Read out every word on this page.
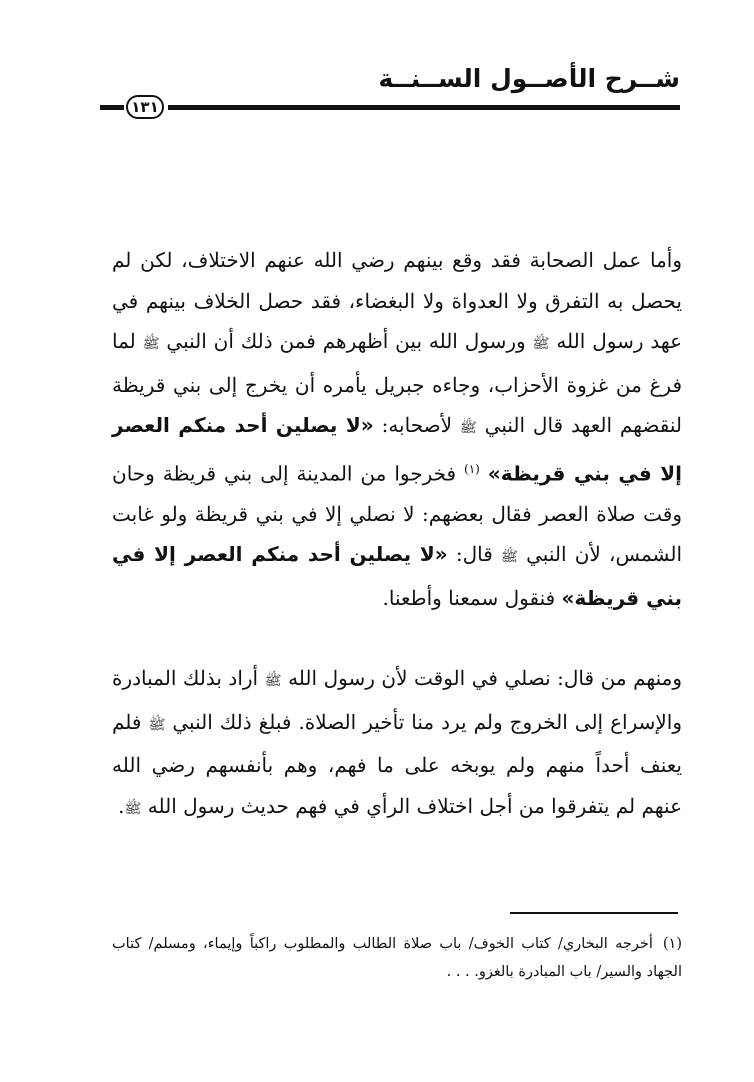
شــرح الأصــول الســنــة
١٣١

وأما عمل الصحابة فقد وقع بينهم رضي الله عنهم الاختلاف، لكن لم يحصل به التفرق ولا العدواة ولا البغضاء، فقد حصل الخلاف بينهم في عهد رسول الله ﷺ ورسول الله بين أظهرهم فمن ذلك أن النبي ﷺ لما فرغ من غزوة الأحزاب، وجاءه جبريل يأمره أن يخرج إلى بني قريظة لنقضهم العهد قال النبي ﷺ لأصحابه: «لا يصلين أحد منكم العصر إلا في بني قريظة» $^{(١)}$ فخرجوا من المدينة إلى بني قريظة وحان وقت صلاة العصر فقال بعضهم: لا نصلي إلا في بني قريظة ولو غابت الشمس، لأن النبي ﷺ قال: «لا يصلين أحد منكم العصر إلا في بني قريظة» فنقول سمعنا وأطعنا.

ومنهم من قال: نصلي في الوقت لأن رسول الله ﷺ أراد بذلك المبادرة والإسراع إلى الخروج ولم يرد منا تأخير الصلاة. فبلغ ذلك النبي ﷺ فلم يعنف أحداً منهم ولم يوبخه على ما فهم، وهم بأنفسهم رضي الله عنهم لم يتفرقوا من أجل اختلاف الرأي في فهم حديث رسول الله ﷺ.

(١)أخرجه البخاري/ كتاب الخوف/ باب صلاة الطالب والمطلوب راكباً وإيماء، ومسلم/ كتاب الجهاد والسير/ باب المبادرة بالغزو. . . .
